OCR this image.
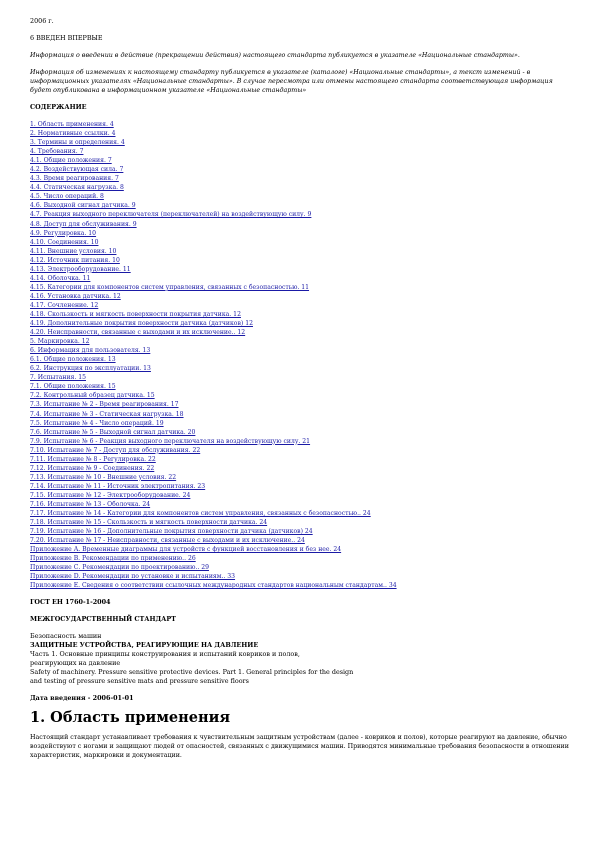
2006 г.

6 ВВЕДЕН ВПЕРВЫЕ

Информация о введении в действие (прекращении действия) настоящего стандарта публикуется в указателе «Национальные стандарты».

Информация об изменениях к настоящему стандарту публикуется в указателе (каталоге) «Национальные стандарты», а текст изменений - в информационных указателях «Национальные стандарты». В случае пересмотра или отмены настоящего стандарта соответствующая информация будет опубликована в информационном указателе «Национальные стандарты»

СОДЕРЖАНИЕ

1. Область применения. 4
2. Нормативные ссылки. 4
3. Термины и определения. 4
4. Требования. 7
4.1. Общие положения. 7
4.2. Воздействующая сила. 7
4.3. Время реагирования. 7
4.4. Статическая нагрузка. 8
4.5. Число операций. 8
4.6. Выходной сигнал датчика. 9
4.7. Реакция выходного переключателя (переключателей) на воздействующую силу. 9
4.8. Доступ для обслуживания. 9
4.9. Регулировка. 10
4.10. Соединения. 10
4.11. Внешние условия. 10
4.12. Источник питания. 10
4.13. Электрооборудование. 11
4.14. Оболочка. 11
4.15. Категории для компонентов систем управления, связанных с безопасностью. 11
4.16. Установка датчика. 12
4.17. Сочленение. 12
4.18. Скользкость и мягкость поверхности покрытия датчика. 12
4.19. Дополнительные покрытия поверхности датчика (датчиков) 12
4.20. Неисправности, связанные с выходами и их исключение.. 12
5. Маркировка. 12
6. Информация для пользователя. 13
6.1. Общие положения. 13
6.2. Инструкция по эксплуатации. 13
7. Испытания. 15
7.1. Общие положения. 15
7.2. Контрольный образец датчика. 15
7.3. Испытание № 2 - Время реагирования. 17
7.4. Испытание № 3 - Статическая нагрузка. 18
7.5. Испытание № 4 - Число операций. 19
7.6. Испытание № 5 - Выходной сигнал датчика. 20
7.9. Испытание № 6 - Реакция выходного переключателя на воздействующую силу. 21
7.10. Испытание № 7 - Доступ для обслуживания. 22
7.11. Испытание № 8 - Регулировка. 22
7.12. Испытание № 9 - Соединения. 22
7.13. Испытание № 10 - Внешние условия. 22
7.14. Испытание № 11 - Источник электропитания. 23
7.15. Испытание № 12 - Электрооборудование. 24
7.16. Испытание № 13 - Оболочка. 24
7.17. Испытание № 14 - Категории для компонентов систем управления, связанных с безопасностью.. 24
7.18. Испытание № 15 - Скользкость и мягкость поверхности датчика. 24
7.19. Испытание № 16 - Дополнительные покрытия поверхности датчика (датчиков) 24
7.20. Испытание № 17 - Неисправности, связанные с выходами и их исключение.. 24
Приложение А. Временные диаграммы для устройств с функцией восстановления и без нее. 24
Приложение В. Рекомендации по применению.. 26
Приложение С. Рекомендации по проектированию.. 29
Приложение D. Рекомендации по установке и испытаниям.. 33
Приложение Е. Сведения о соответствии ссылочных международных стандартов национальным стандартам.. 34

ГОСТ ЕН 1760-1-2004

МЕЖГОСУДАРСТВЕННЫЙ СТАНДАРТ

Безопасность машин

ЗАЩИТНЫЕ УСТРОЙСТВА, РЕАГИРУЮЩИЕ НА ДАВЛЕНИЕ

Часть 1. Основные принципы конструирования и испытаний ковриков и полов,

реагирующих на давление

Safety of machinery. Pressure sensitive protective devices. Part 1. General principles for the design

and testing of pressure sensitive mats and pressure sensitive floors

Дата введения - 2006-01-01

1. Область применения

Настоящий стандарт устанавливает требования к чувствительным защитным устройствам (далее - ковриков и полов), которые реагируют на давление, обычно воздействуют с ногами и защищают людей от опасностей, связанных с движущимися машин. Приводятся минимальные требования безопасности в отношении характеристик, маркировки и документации.
